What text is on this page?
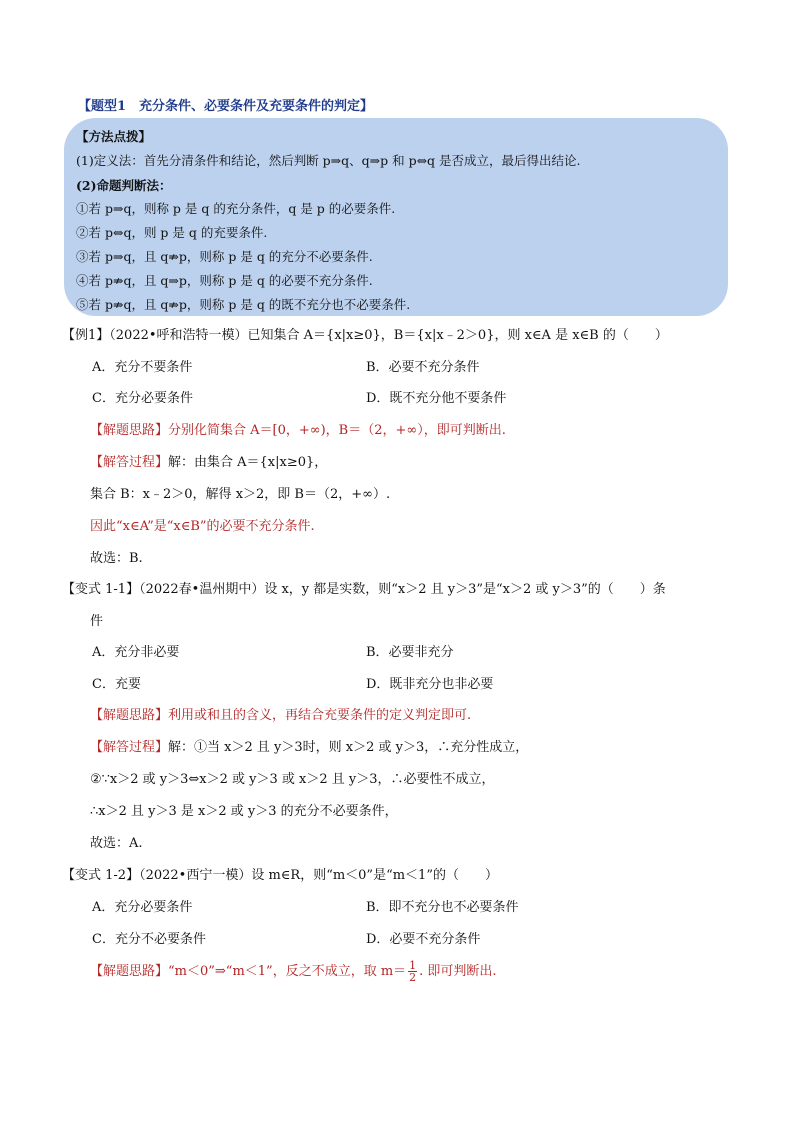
【题型1　充分条件、必要条件及充要条件的判定】
【方法点拨】
(1)定义法：首先分清条件和结论，然后判断 p⇒q、q⇒p 和 p⇔q 是否成立，最后得出结论.
(2)命题判断法：
①若 p⇒q，则称 p 是 q 的充分条件，q 是 p 的必要条件.
②若 p⇔q，则 p 是 q 的充要条件.
③若 p⇒q，且 q⇏p，则称 p 是 q 的充分不必要条件.
④若 p⇏q，且 q⇒p，则称 p 是 q 的必要不充分条件.
⑤若 p⇏q，且 q⇏p，则称 p 是 q 的既不充分也不必要条件.
【例1】（2022•呼和浩特一模）已知集合 A＝{x|x≥0}，B＝{x|x﹣2＞0}，则 x∈A 是 x∈B 的（　　）
A．充分不要条件	B．必要不充分条件
C．充分必要条件	D．既不充分他不要条件
【解题思路】分别化简集合 A＝[0，+∞)，B＝（2，+∞），即可判断出.
【解答过程】解：由集合 A＝{x|x≥0}，
集合 B：x﹣2＞0，解得 x＞2，即 B＝（2，+∞）.
因此“x∈A”是“x∈B”的必要不充分条件.
故选：B.
【变式 1-1】（2022春•温州期中）设 x，y 都是实数，则“x＞2 且 y＞3”是“x＞2 或 y＞3”的（　　）条
件
A．充分非必要	B．必要非充分
C．充要	D．既非充分也非必要
【解题思路】利用或和且的含义，再结合充要条件的定义判定即可.
【解答过程】解：①当 x＞2 且 y＞3时，则 x＞2 或 y＞3，∴充分性成立，
②∵x＞2 或 y＞3⇔x＞2 或 y＞3 或 x＞2 且 y＞3，∴必要性不成立，
∴x＞2 且 y＞3 是 x＞2 或 y＞3 的充分不必要条件，
故选：A.
【变式 1-2】（2022•西宁一模）设 m∈R，则“m＜0”是“m＜1”的（　　）
A．充分必要条件	B．即不充分也不必要条件
C．充分不必要条件	D．必要不充分条件
【解题思路】“m＜0”⇒“m＜1”，反之不成立，取 $m= \frac{1}{2}$ . 即可判断出.
